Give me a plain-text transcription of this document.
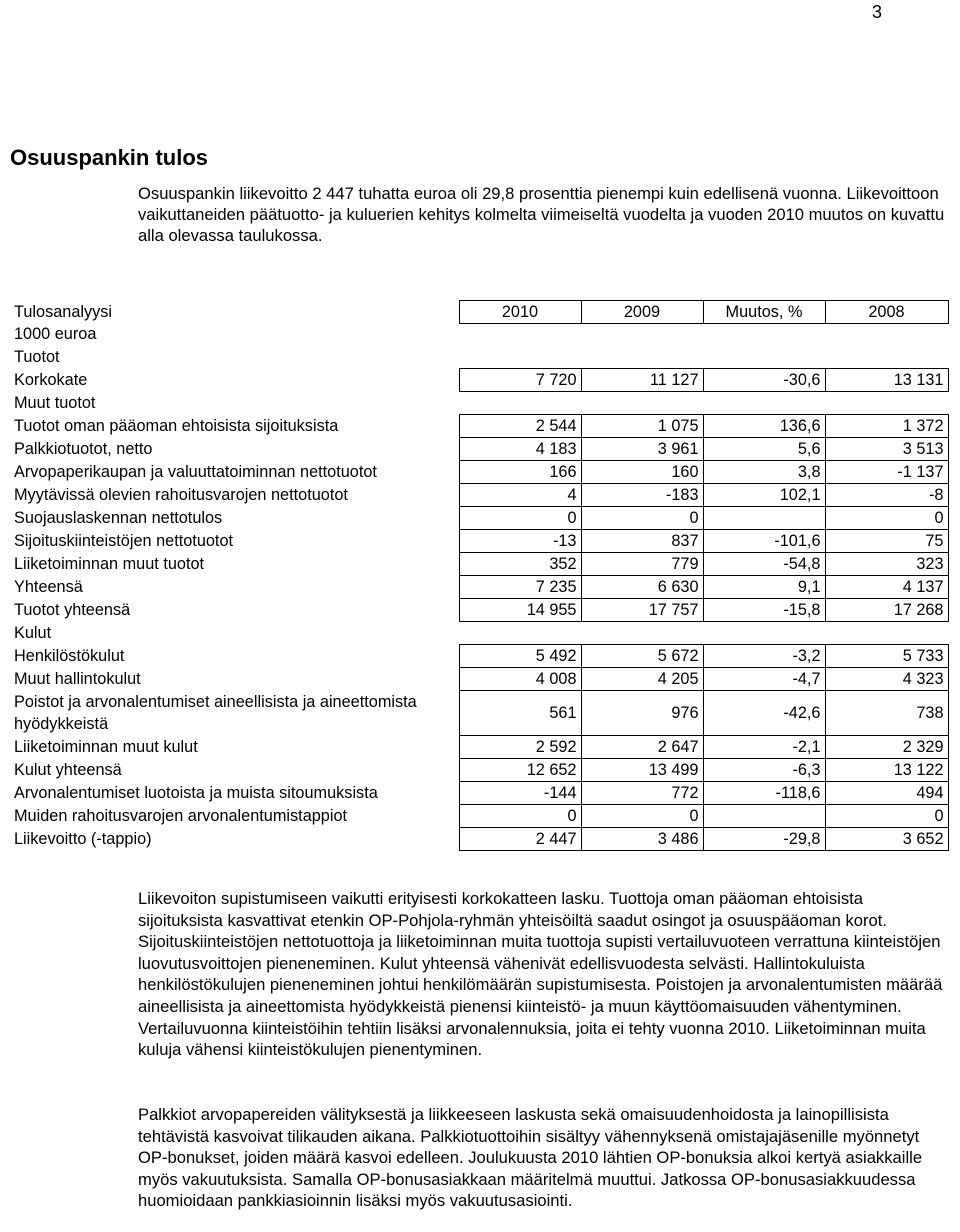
3
Osuuspankin tulos

Osuuspankin liikevoitto 2 447 tuhatta euroa oli 29,8 prosenttia pienempi kuin edellisenä vuonna. Liikevoittoon vaikuttaneiden päätuotto- ja kuluerien kehitys kolmelta viimeiseltä vuodelta ja vuoden 2010 muutos on kuvattu alla olevassa taulukossa.

Tulosanalyysi	2010	2009	Muutos, %	2008
1000 euroa				
Tuotot				
Korkokate	7 720	11 127	-30,6	13 131
Muut tuotot				
Tuotot oman pääoman ehtoisista sijoituksista	2 544	1 075	136,6	1 372
Palkkiotuotot, netto	4 183	3 961	5,6	3 513
Arvopaperikaupan ja valuuttatoiminnan nettotuotot	166	160	3,8	-1 137
Myytävissä olevien rahoitusvarojen nettotuotot	4	-183	102,1	-8
Suojauslaskennan nettotulos	0	0		0
Sijoituskiinteistöjen nettotuotot	-13	837	-101,6	75
Liiketoiminnan muut tuotot	352	779	-54,8	323
Yhteensä	7 235	6 630	9,1	4 137
Tuotot yhteensä	14 955	17 757	-15,8	17 268
Kulut				
Henkilöstökulut	5 492	5 672	-3,2	5 733
Muut hallintokulut	4 008	4 205	-4,7	4 323
Poistot ja arvonalentumiset aineellisista ja aineettomista hyödykkeistä	561	976	-42,6	738
Liiketoiminnan muut kulut	2 592	2 647	-2,1	2 329
Kulut yhteensä	12 652	13 499	-6,3	13 122
Arvonalentumiset luotoista ja muista sitoumuksista	-144	772	-118,6	494
Muiden rahoitusvarojen arvonalentumistappiot	0	0		0
Liikevoitto (-tappio)	2 447	3 486	-29,8	3 652

Liikevoiton supistumiseen vaikutti erityisesti korkokatteen lasku. Tuottoja oman pääoman ehtoisista sijoituksista kasvattivat etenkin OP-Pohjola-ryhmän yhteisöiltä saadut osingot ja osuuspääoman korot. Sijoituskiinteistöjen nettotuottoja ja liiketoiminnan muita tuottoja supisti vertailuvuoteen verrattuna kiinteistöjen luovutusvoittojen pieneneminen. Kulut yhteensä vähenivät edellisvuodesta selvästi. Hallintokuluista henkilöstökulujen pieneneminen johtui henkilömäärän supistumisesta. Poistojen ja arvonalentumisten määrää aineellisista ja aineettomista hyödykkeistä pienensi kiinteistö- ja muun käyttöomaisuuden vähentyminen. Vertailuvuonna kiinteistöihin tehtiin lisäksi arvonalennuksia, joita ei tehty vuonna 2010. Liiketoiminnan muita kuluja vähensi kiinteistökulujen pienentyminen.

Palkkiot arvopapereiden välityksestä ja liikkeeseen laskusta sekä omaisuudenhoidosta ja lainopillisista tehtävistä kasvoivat tilikauden aikana. Palkkiotuottoihin sisältyy vähennyksenä omistajajäsenille myönnetyt OP-bonukset, joiden määrä kasvoi edelleen. Joulukuusta 2010 lähtien OP-bonuksia alkoi kertyä asiakkaille myös vakuutuksista. Samalla OP-bonusasiakkaan määritelmä muuttui. Jatkossa OP-bonusasiakkuudessa huomioidaan pankkiasioinnin lisäksi myös vakuutusasiointi.
